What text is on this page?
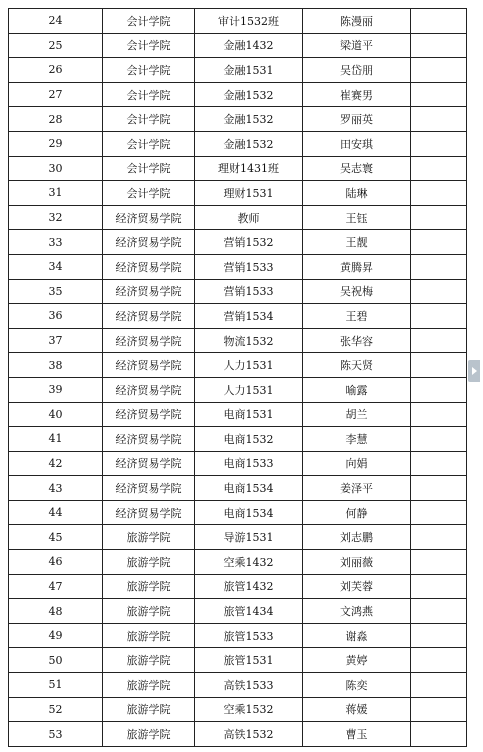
24	会计学院	审计1532班	陈漫丽	
25	会计学院	金融1432	梁道平	
26	会计学院	金融1531	吴岱朋	
27	会计学院	金融1532	崔赛男	
28	会计学院	金融1532	罗丽英	
29	会计学院	金融1532	田安琪	
30	会计学院	理财1431班	吴志寰	
31	会计学院	理财1531	陆琳	
32	经济贸易学院	教师	王钰	
33	经济贸易学院	营销1532	王靓	
34	经济贸易学院	营销1533	黄腾昇	
35	经济贸易学院	营销1533	吴祝梅	
36	经济贸易学院	营销1534	王碧	
37	经济贸易学院	物流1532	张华容	
38	经济贸易学院	人力1531	陈天贤	
39	经济贸易学院	人力1531	喻露	
40	经济贸易学院	电商1531	胡兰	
41	经济贸易学院	电商1532	李慧	
42	经济贸易学院	电商1533	向娟	
43	经济贸易学院	电商1534	姜泽平	
44	经济贸易学院	电商1534	何静	
45	旅游学院	导游1531	刘志鹏	
46	旅游学院	空乘1432	刘丽薇	
47	旅游学院	旅管1432	刘芙蓉	
48	旅游学院	旅管1434	文鸿燕	
49	旅游学院	旅管1533	谢淼	
50	旅游学院	旅管1531	黄婷	
51	旅游学院	高铁1533	陈奕	
52	旅游学院	空乘1532	蒋媛	
53	旅游学院	高铁1532	曹玉	
